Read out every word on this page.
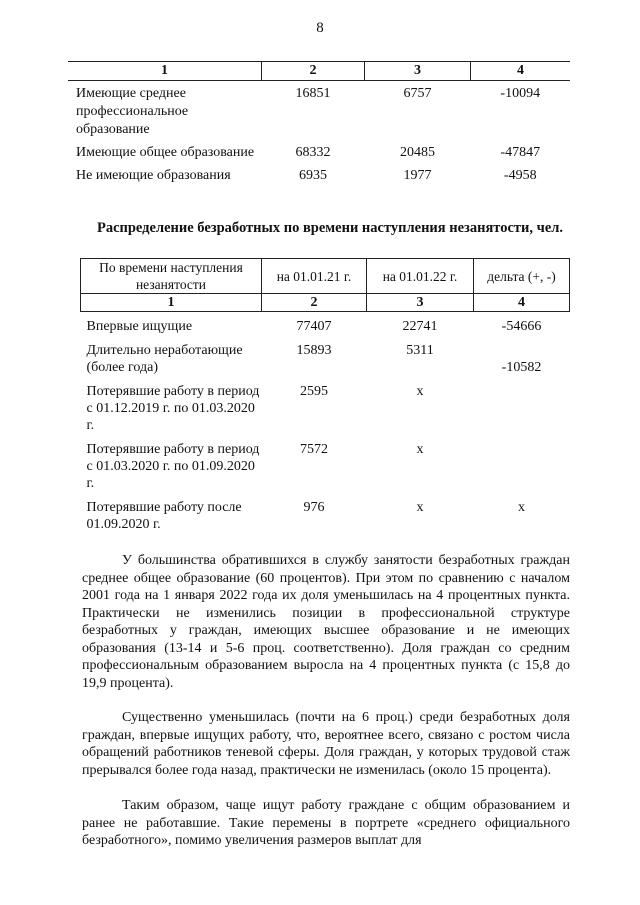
8
1	2	3	4
Имеющие среднее профессиональное образование	16851	6757	-10094
Имеющие общее образование	68332	20485	-47847
Не имеющие образования	6935	1977	-4958
Распределение безработных по времени наступления незанятости, чел.
По времени наступления незанятости	на 01.01.21 г.	на 01.01.22 г.	дельта (+, -)
1	2	3	4
Впервые ищущие	77407	22741	-54666
Длительно неработающие (более года)	15893	5311	-10582
Потерявшие работу в период с 01.12.2019 г. по 01.03.2020 г.	2595	х	
Потерявшие работу в период с 01.03.2020 г. по 01.09.2020 г.	7572	х	
Потерявшие работу после 01.09.2020 г.	976	х	х

У большинства обратившихся в службу занятости безработных граждан среднее общее образование (60 процентов). При этом по сравнению с началом 2001 года на 1 января 2022 года их доля уменьшилась на 4 процентных пункта. Практически не изменились позиции в профессиональной структуре безработных у граждан, имеющих высшее образование и не имеющих образования (13-14 и 5-6 проц. соответственно). Доля граждан со средним профессиональным образованием выросла на 4 процентных пункта (с 15,8 до 19,9 процента).

Существенно уменьшилась (почти на 6 проц.) среди безработных доля граждан, впервые ищущих работу, что, вероятнее всего, связано с ростом числа обращений работников теневой сферы. Доля граждан, у которых трудовой стаж прерывался более года назад, практически не изменилась (около 15 процента).

Таким образом, чаще ищут работу граждане с общим образованием и ранее не работавшие. Такие перемены в портрете «среднего официального безработного», помимо увеличения размеров выплат для
